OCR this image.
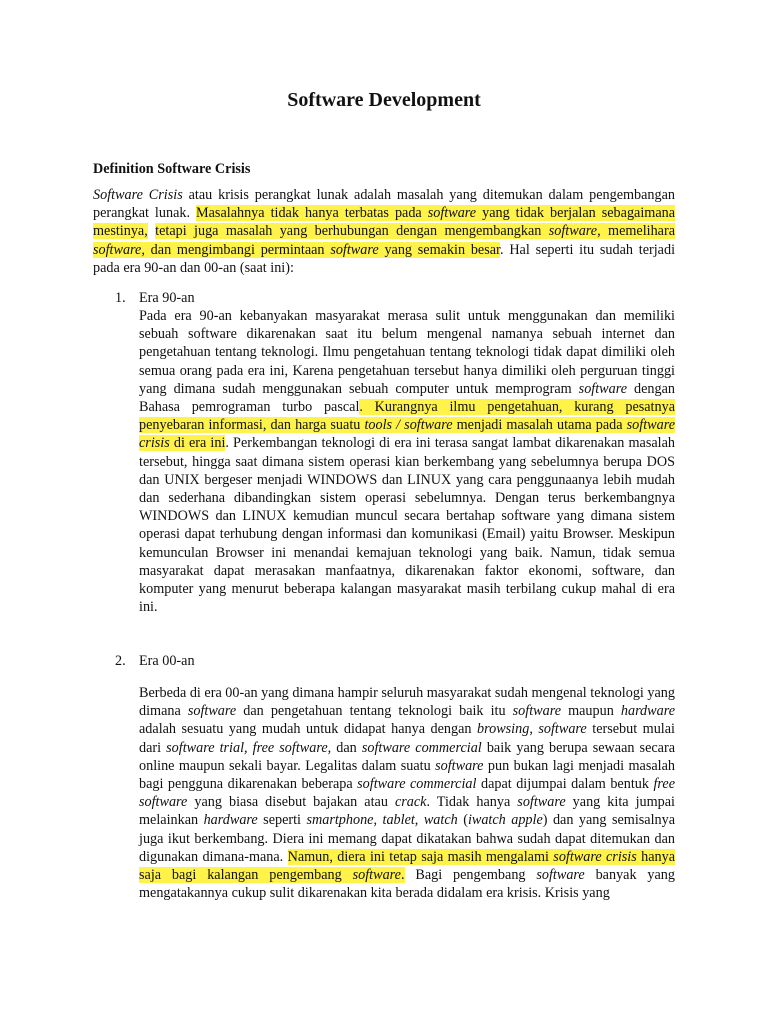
Software Development
Definition Software Crisis
Software Crisis atau krisis perangkat lunak adalah masalah yang ditemukan dalam pengembangan perangkat lunak. Masalahnya tidak hanya terbatas pada software yang tidak berjalan sebagaimana mestinya, tetapi juga masalah yang berhubungan dengan mengembangkan software, memelihara software, dan mengimbangi permintaan software yang semakin besar. Hal seperti itu sudah terjadi pada era 90-an dan 00-an (saat ini):
1. Era 90-an
Pada era 90-an kebanyakan masyarakat merasa sulit untuk menggunakan dan memiliki sebuah software dikarenakan saat itu belum mengenal namanya sebuah internet dan pengetahuan tentang teknologi. Ilmu pengetahuan tentang teknologi tidak dapat dimiliki oleh semua orang pada era ini, Karena pengetahuan tersebut hanya dimiliki oleh perguruan tinggi yang dimana sudah menggunakan sebuah computer untuk memprogram software dengan Bahasa pemrograman turbo pascal. Kurangnya ilmu pengetahuan, kurang pesatnya penyebaran informasi, dan harga suatu tools / software menjadi masalah utama pada software crisis di era ini. Perkembangan teknologi di era ini terasa sangat lambat dikarenakan masalah tersebut, hingga saat dimana sistem operasi kian berkembang yang sebelumnya berupa DOS dan UNIX bergeser menjadi WINDOWS dan LINUX yang cara penggunaanya lebih mudah dan sederhana dibandingkan sistem operasi sebelumnya. Dengan terus berkembangnya WINDOWS dan LINUX kemudian muncul secara bertahap software yang dimana sistem operasi dapat terhubung dengan informasi dan komunikasi (Email) yaitu Browser. Meskipun kemunculan Browser ini menandai kemajuan teknologi yang baik. Namun, tidak semua masyarakat dapat merasakan manfaatnya, dikarenakan faktor ekonomi, software, dan komputer yang menurut beberapa kalangan masyarakat masih terbilang cukup mahal di era ini.
2. Era 00-an
Berbeda di era 00-an yang dimana hampir seluruh masyarakat sudah mengenal teknologi yang dimana software dan pengetahuan tentang teknologi baik itu software maupun hardware adalah sesuatu yang mudah untuk didapat hanya dengan browsing, software tersebut mulai dari software trial, free software, dan software commercial baik yang berupa sewaan secara online maupun sekali bayar. Legalitas dalam suatu software pun bukan lagi menjadi masalah bagi pengguna dikarenakan beberapa software commercial dapat dijumpai dalam bentuk free software yang biasa disebut bajakan atau crack. Tidak hanya software yang kita jumpai melainkan hardware seperti smartphone, tablet, watch (iwatch apple) dan yang semisalnya juga ikut berkembang. Diera ini memang dapat dikatakan bahwa sudah dapat ditemukan dan digunakan dimana-mana. Namun, diera ini tetap saja masih mengalami software crisis hanya saja bagi kalangan pengembang software. Bagi pengembang software banyak yang mengatakannya cukup sulit dikarenakan kita berada didalam era krisis. Krisis yang
